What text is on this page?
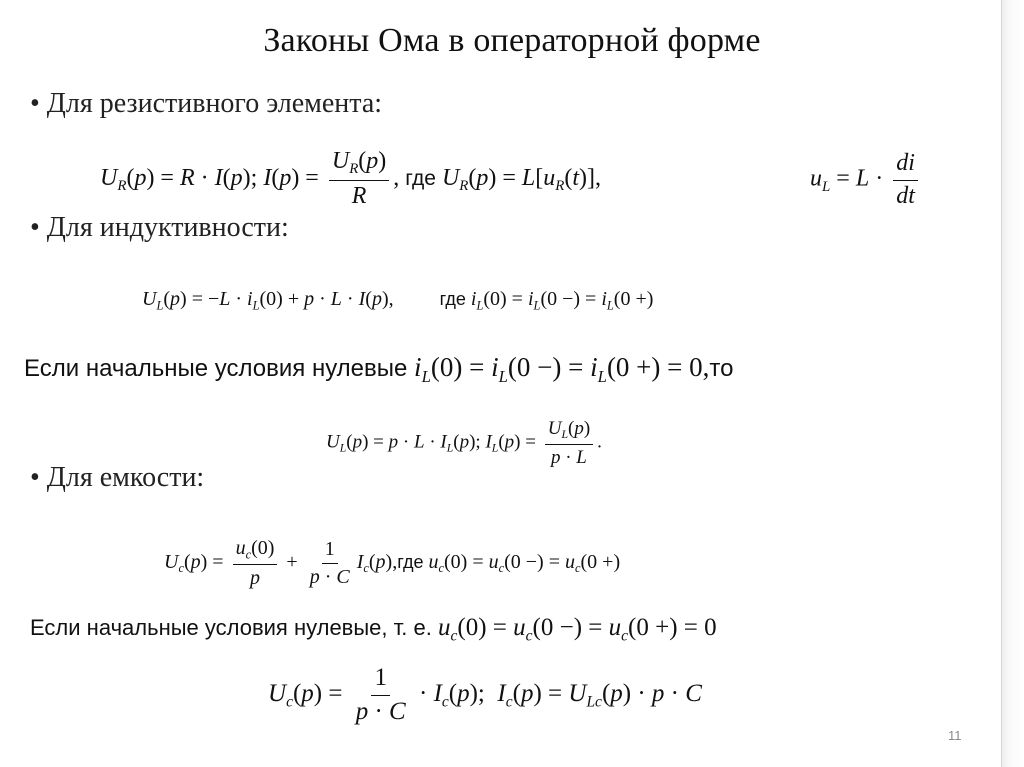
Законы Ома в операторной форме
• Для резистивного элемента:
$U_R(p) = R \cdot I(p)$; $I(p) = \frac{U_R(p)}{R}$ , где $U_R(p) = L[u_R(t)]$,	$u_L = L \cdot \frac{di}{dt}$
• Для индуктивности:
$U_L(p) = -L \cdot i_L(0) + p \cdot L \cdot I(p)$,  где $i_L(0) = i_L(0$ −) = $i_L(0$ +)
Если начальные условия нулевые $i_L(0) = i_L(0$ −) = $i_L(0$ +) = 0,то
$U_L(p) = p \cdot L \cdot I_L(p)$; $I_L(p) = \frac{U_L(p)}{p \cdot L}$ .
• Для емкости:
$U_c(p) = \frac{u_c(0)}{p} + \frac{1}{p \cdot C} I_c(p),где$ $u_c(0) = u_c(0$ −) = $u_c(0$ +)
Если начальные условия нулевые, т. е. $u_c(0) = u_c(0$ −) = $u_c(0$ +) = 0
$U_c(p) = \frac{1}{p \cdot C} \cdot I_c(p)$;  $I_c(p) = U_{Lc}(p) \cdot p \cdot C$
11
